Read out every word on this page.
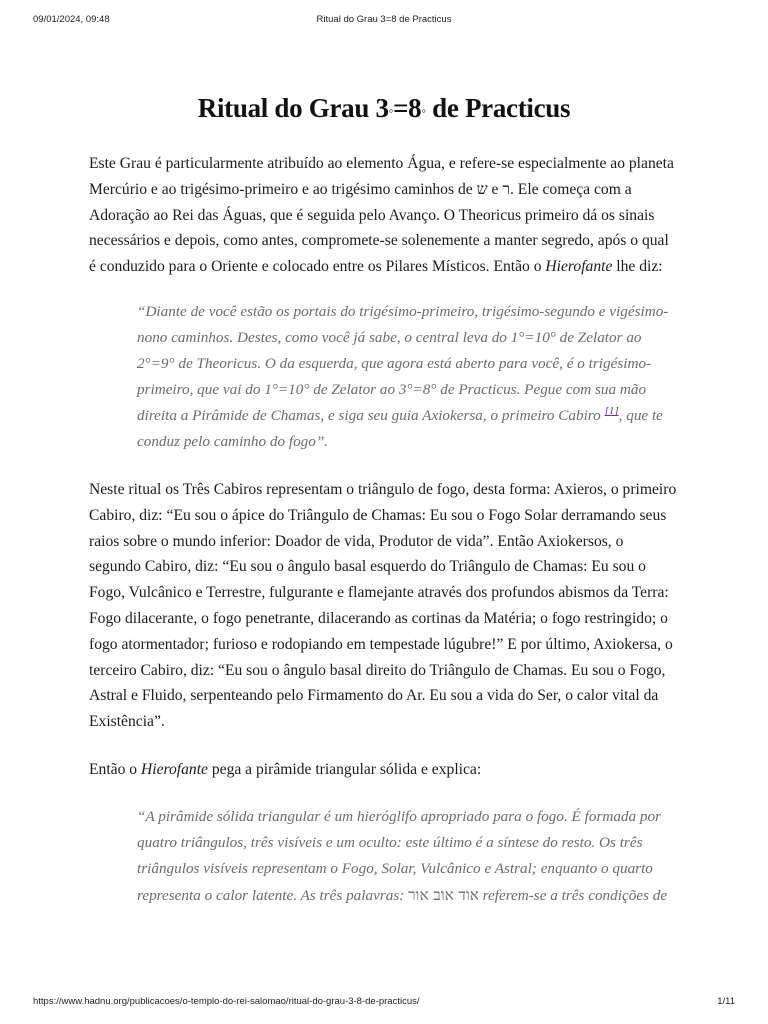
09/01/2024, 09:48	Ritual do Grau 3=8 de Practicus
Ritual do Grau 3◦=8◦ de Practicus

Este Grau é particularmente atribuído ao elemento Água, e refere-se especialmente ao planeta Mercúrio e ao trigésimo-primeiro e ao trigésimo caminhos de ש e ר. Ele começa com a Adoração ao Rei das Águas, que é seguida pelo Avanço. O Theoricus primeiro dá os sinais necessários e depois, como antes, compromete-se solenemente a manter segredo, após o qual é conduzido para o Oriente e colocado entre os Pilares Místicos. Então o Hierofante lhe diz:

“Diante de você estão os portais do trigésimo-primeiro, trigésimo-segundo e vigésimo-nono caminhos. Destes, como você já sabe, o central leva do 1°=10° de Zelator ao 2°=9° de Theoricus. O da esquerda, que agora está aberto para você, é o trigésimo-primeiro, que vai do 1°=10° de Zelator ao 3°=8° de Practicus. Pegue com sua mão direita a Pirâmide de Chamas, e siga seu guia Axiokersa, o primeiro Cabiro [1], que te conduz pelo caminho do fogo”.

Neste ritual os Três Cabiros representam o triângulo de fogo, desta forma: Axieros, o primeiro Cabiro, diz: “Eu sou o ápice do Triângulo de Chamas: Eu sou o Fogo Solar derramando seus raios sobre o mundo inferior: Doador de vida, Produtor de vida”. Então Axiokersos, o segundo Cabiro, diz: “Eu sou o ângulo basal esquerdo do Triângulo de Chamas: Eu sou o Fogo, Vulcânico e Terrestre, fulgurante e flamejante através dos profundos abismos da Terra: Fogo dilacerante, o fogo penetrante, dilacerando as cortinas da Matéria; o fogo restringido; o fogo atormentador; furioso e rodopiando em tempestade lúgubre!” E por último, Axiokersa, o terceiro Cabiro, diz: “Eu sou o ângulo basal direito do Triângulo de Chamas. Eu sou o Fogo, Astral e Fluido, serpenteando pelo Firmamento do Ar. Eu sou a vida do Ser, o calor vital da Existência”.

Então o Hierofante pega a pirâmide triangular sólida e explica:

“A pirâmide sólida triangular é um hieróglifo apropriado para o fogo. É formada por quatro triângulos, três visíveis e um oculto: este último é a síntese do resto. Os três triângulos visíveis representam o Fogo, Solar, Vulcânico e Astral; enquanto o quarto representa o calor latente. As três palavras: אוד אוב אור referem-se a três condições de
https://www.hadnu.org/publicacoes/o-templo-do-rei-salomao/ritual-do-grau-3-8-de-practicus/	1/11
